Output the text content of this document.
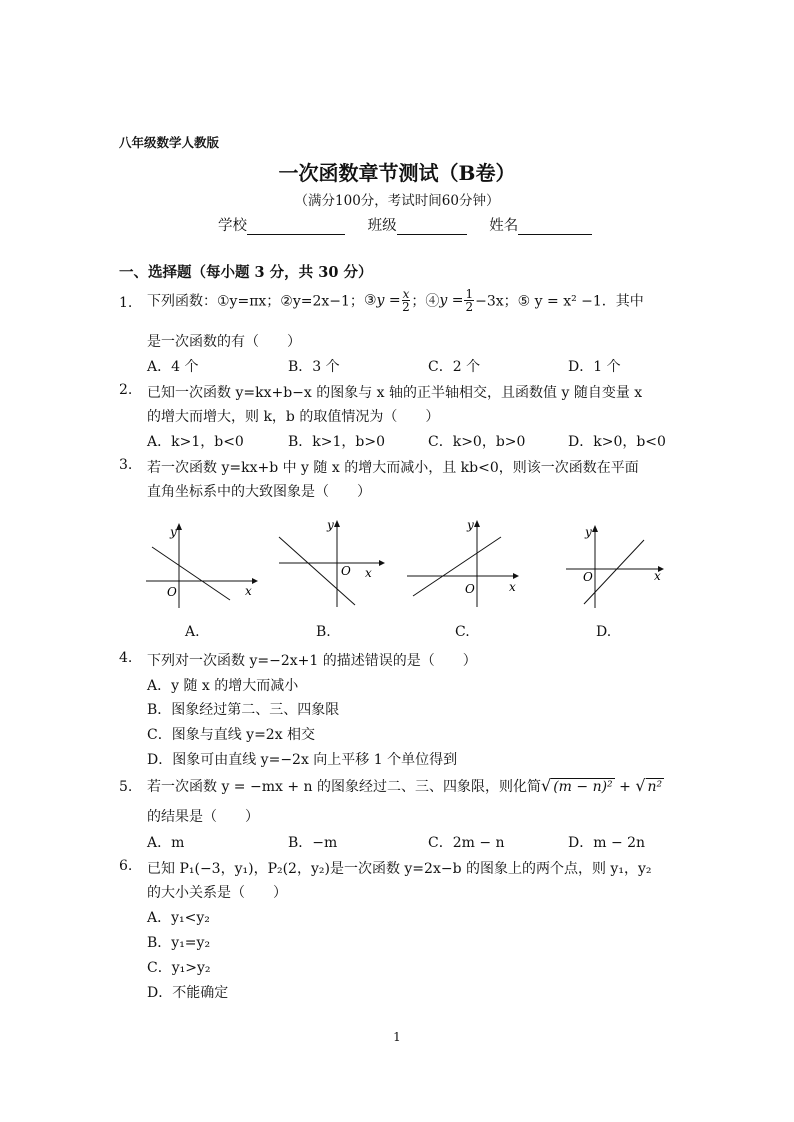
八年级数学人教版
一次函数章节测试（B卷）
（满分100分，考试时间60分钟）
学校	班级	姓名
一、选择题（每小题 3 分，共 30 分）
1. 下列函数：①y=πx；②y=2x−1；③y = $\frac{x}{2}$ ；④y = $\frac{1}{2} -3x$；⑤ y = x² −1．其中
是一次函数的有（　　）
A．4 个	B．3 个	C．2 个	D．1 个
2. 已知一次函数 y=kx+b−x 的图象与 x 轴的正半轴相交，且函数值 y 随自变量 x
的增大而增大，则 k，b 的取值情况为（　　）
A．k>1，b<0	B．k>1，b>0	C．k>0，b>0	D．k>0，b<0
3. 若一次函数 y=kx+b 中 y 随 x 的增大而减小，且 kb<0，则该一次函数在平面
直角坐标系中的大致图象是（　　）
y
x
O
A.
y
x
O
B.
y
x
O
C.
y
x
O
D.
4. 下列对一次函数 y=−2x+1 的描述错误的是（　　）
A．y 随 x 的增大而减小
B．图象经过第二、三、四象限
C．图象与直线 y=2x 相交
D．图象可由直线 y=−2x 向上平移 1 个单位得到
5. 若一次函数 y = −mx + n 的图象经过二、三、四象限，则化简√ (m − n)² + √ n²
的结果是（　　）
A．m	B．−m	C．2m − n	D．m − 2n
6. 已知 P₁(−3，y₁)，P₂(2，y₂)是一次函数 y=2x−b 的图象上的两个点，则 y₁，y₂
的大小关系是（　　）
A．y₁<y₂
B．y₁=y₂
C．y₁>y₂
D．不能确定
1
